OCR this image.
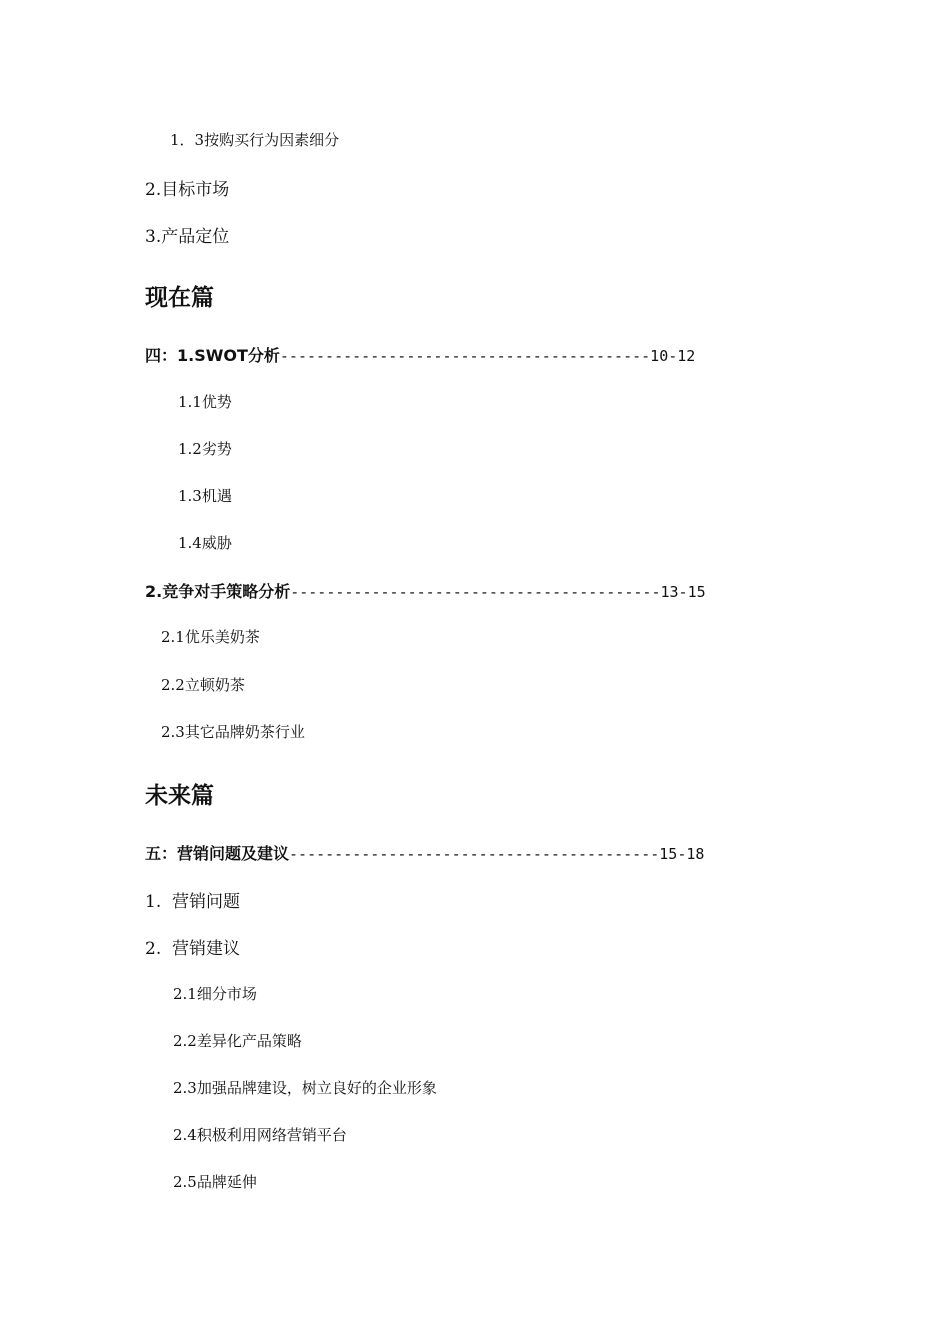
1．3按购买行为因素细分
2.目标市场
3.产品定位
现在篇
四：1.SWOT分析-----------------------------------------10-12
1.1优势
1.2劣势
1.3机遇
1.4威胁
2.竞争对手策略分析-----------------------------------------13-15
2.1优乐美奶茶
2.2立顿奶茶
2.3其它品牌奶茶行业
未来篇
五：营销问题及建议-----------------------------------------15-18
1.  营销问题
2.  营销建议
2.1细分市场
2.2差异化产品策略
2.3加强品牌建设，树立良好的企业形象
2.4积极利用网络营销平台
2.5品牌延伸
